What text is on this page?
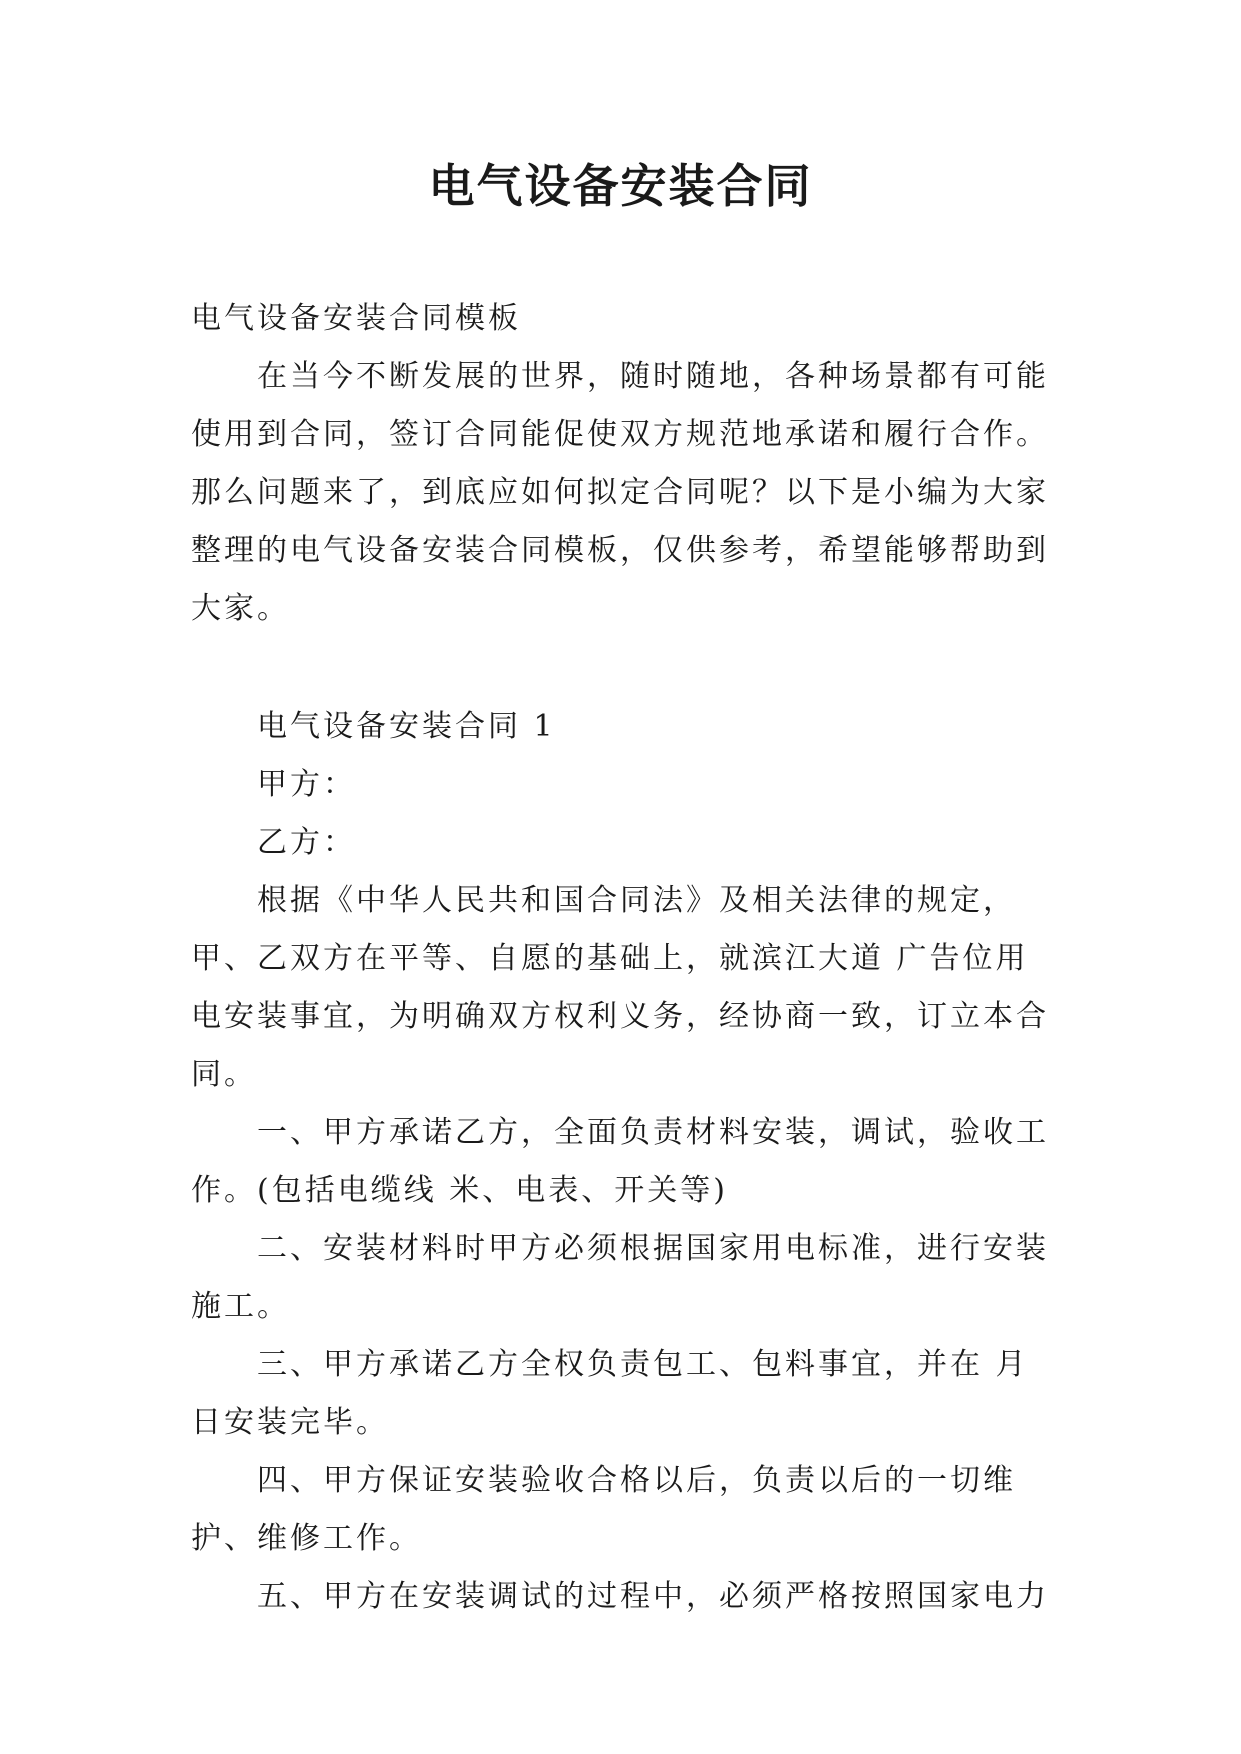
电气设备安装合同

电气设备安装合同模板

在当今不断发展的世界，随时随地，各种场景都有可能使用到合同，签订合同能促使双方规范地承诺和履行合作。那么问题来了，到底应如何拟定合同呢？以下是小编为大家整理的电气设备安装合同模板，仅供参考，希望能够帮助到大家。

电气设备安装合同 1

甲方：

乙方：

根据《中华人民共和国合同法》及相关法律的规定，甲、乙双方在平等、自愿的基础上，就滨江大道 广告位用电安装事宜，为明确双方权利义务，经协商一致，订立本合同。

一、甲方承诺乙方，全面负责材料安装，调试，验收工作。(包括电缆线 米、电表、开关等)

二、安装材料时甲方必须根据国家用电标准，进行安装施工。

三、甲方承诺乙方全权负责包工、包料事宜，并在 月 日安装完毕。

四、甲方保证安装验收合格以后，负责以后的一切维护、维修工作。

五、甲方在安装调试的过程中，必须严格按照国家电力
